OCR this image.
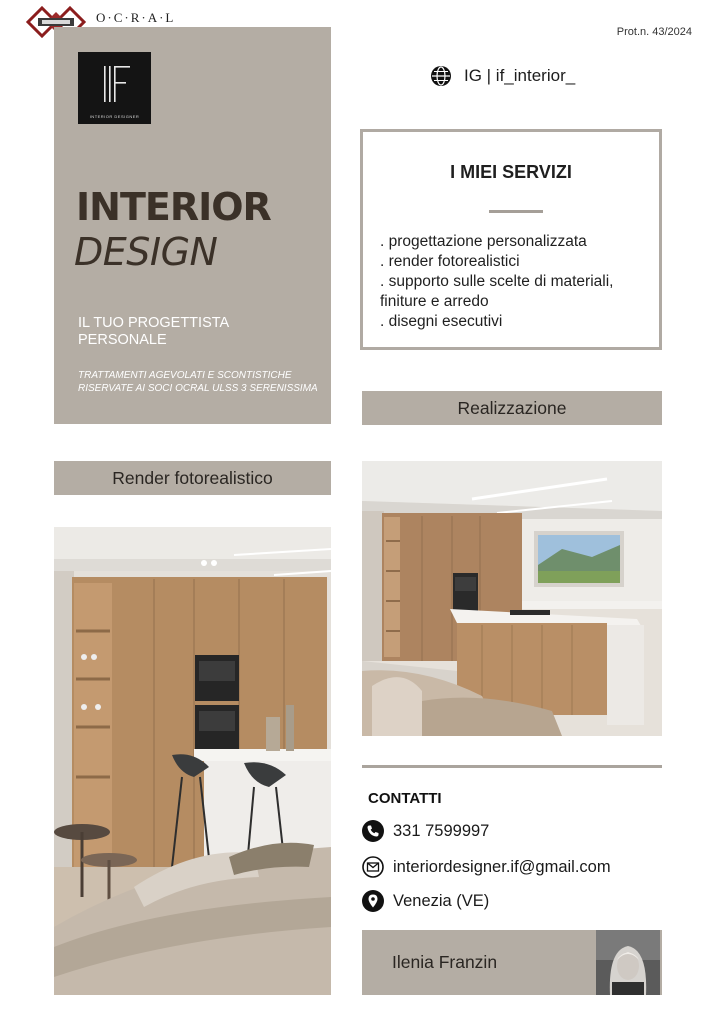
O·C·R·A·L
Prot.n. 43/2024
INTERIOR DESIGNER
INTERIOR
DESIGN
IL TUO PROGETTISTA PERSONALE
TRATTAMENTI AGEVOLATI E SCONTISTICHE RISERVATE AI SOCI OCRAL ULSS 3 SERENISSIMA
IG | if_interior_
I MIEI SERVIZI
. progettazione personalizzata
. render fotorealistici
. supporto sulle scelte di materiali, finiture e arredo
. disegni esecutivi
Realizzazione
Render fotorealistico
CONTATTI
331 7599997
interiordesigner.if@gmail.com
Venezia (VE)
Ilenia Franzin
